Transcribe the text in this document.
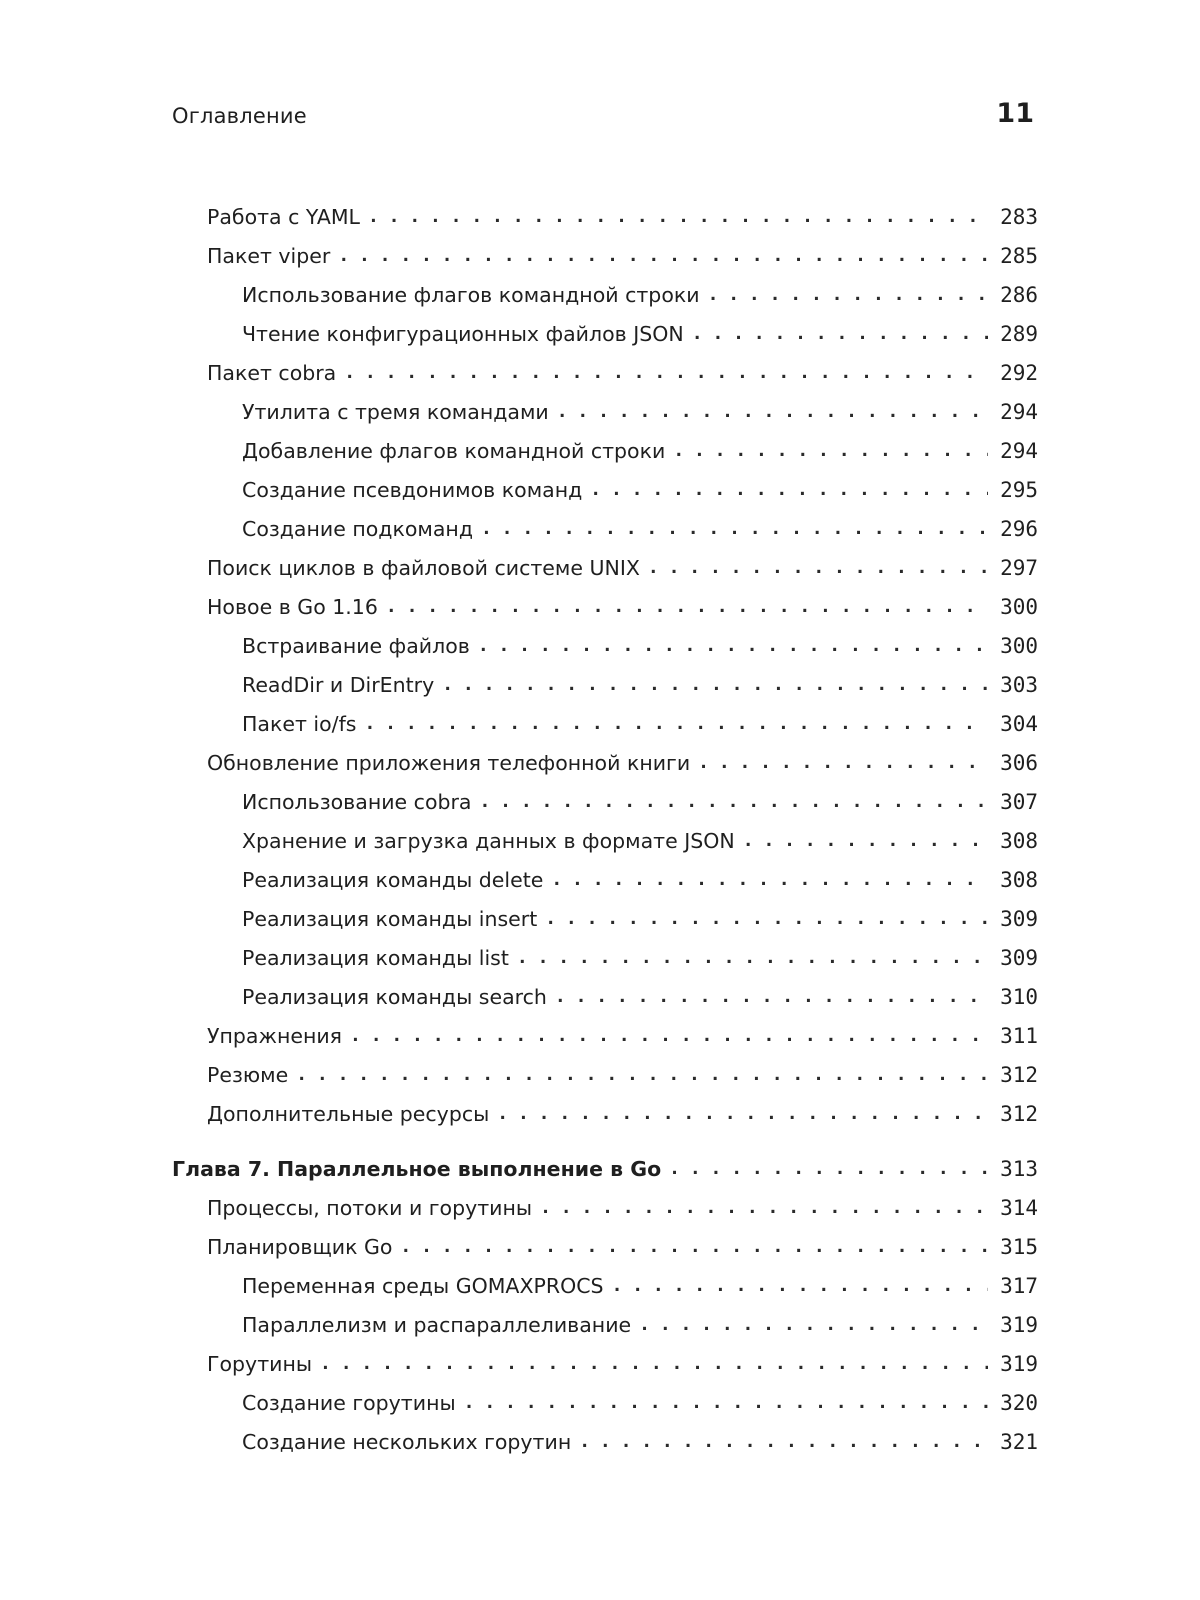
Оглавление	11
Работа с YAML . . .	283
Пакет viper . . .	285
Использование флагов командной строки . . .	286
Чтение конфигурационных файлов JSON . . .	289
Пакет cobra . . .	292
Утилита с тремя командами . . .	294
Добавление флагов командной строки . . .	294
Создание псевдонимов команд . . .	295
Создание подкоманд . . .	296
Поиск циклов в файловой системе UNIX . . .	297
Новое в Go 1.16 . . .	300
Встраивание файлов . . .	300
ReadDir и DirEntry . . .	303
Пакет io/fs . . .	304
Обновление приложения телефонной книги . . .	306
Использование cobra . . .	307
Хранение и загрузка данных в формате JSON . . .	308
Реализация команды delete . . .	308
Реализация команды insert . . .	309
Реализация команды list . . .	309
Реализация команды search . . .	310
Упражнения . . .	311
Резюме . . .	312
Дополнительные ресурсы . . .	312
Глава 7. Параллельное выполнение в Go . . .	313
Процессы, потоки и горутины . . .	314
Планировщик Go . . .	315
Переменная среды GOMAXPROCS . . .	317
Параллелизм и распараллеливание . . .	319
Горутины . . .	319
Создание горутины . . .	320
Создание нескольких горутин . . .	321
